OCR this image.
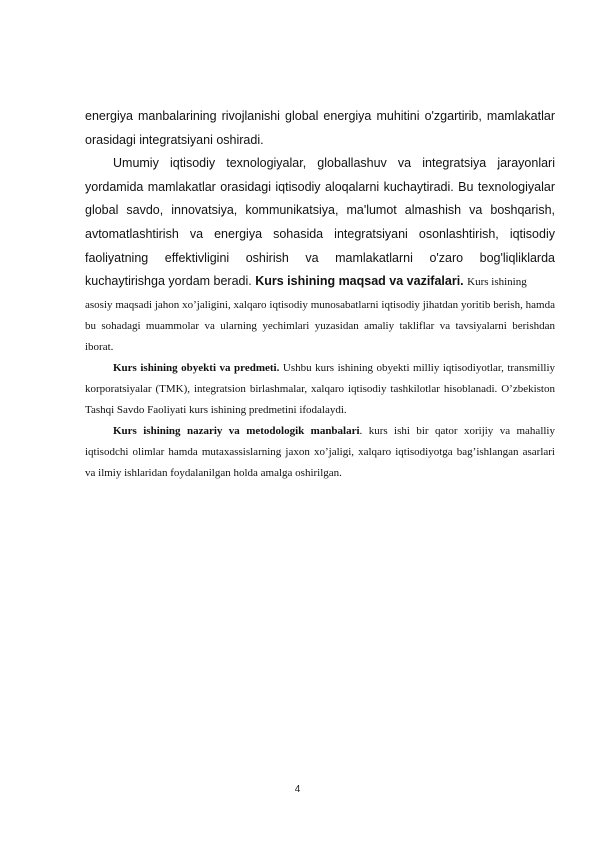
energiya manbalarining rivojlanishi global energiya muhitini o'zgartirib, mamlakatlar orasidagi integratsiyani oshiradi.

Umumiy iqtisodiy texnologiyalar, globallashuv va integratsiya jarayonlari yordamida mamlakatlar orasidagi iqtisodiy aloqalarni kuchaytiradi. Bu texnologiyalar global savdo, innovatsiya, kommunikatsiya, ma'lumot almashish va boshqarish, avtomatlashtirish va energiya sohasida integratsiyani osonlashtirish, iqtisodiy faoliyatning effektivligini oshirish va mamlakatlarni o'zaro bog'liqliklarda kuchaytirishga yordam beradi. Kurs ishining maqsad va vazifalari. Kurs ishining

asosiy maqsadi jahon xo’jaligini, xalqaro iqtisodiy munosabatlarni iqtisodiy jihatdan yoritib berish, hamda bu sohadagi muammolar va ularning yechimlari yuzasidan amaliy takliflar va tavsiyalarni berishdan iborat.

Kurs ishining obyekti va predmeti. Ushbu kurs ishining obyekti milliy iqtisodiyotlar, transmilliy korporatsiyalar (TMK), integratsion birlashmalar, xalqaro iqtisodiy tashkilotlar hisoblanadi. O’zbekiston Tashqi Savdo Faoliyati kurs ishining predmetini ifodalaydi.

Kurs ishining nazariy va metodologik manbalari. kurs ishi bir qator xorijiy va mahalliy iqtisodchi olimlar hamda mutaxassislarning jaxon xo’jaligi, xalqaro iqtisodiyotga bag’ishlangan asarlari va ilmiy ishlaridan foydalanilgan holda amalga oshirilgan.

4
